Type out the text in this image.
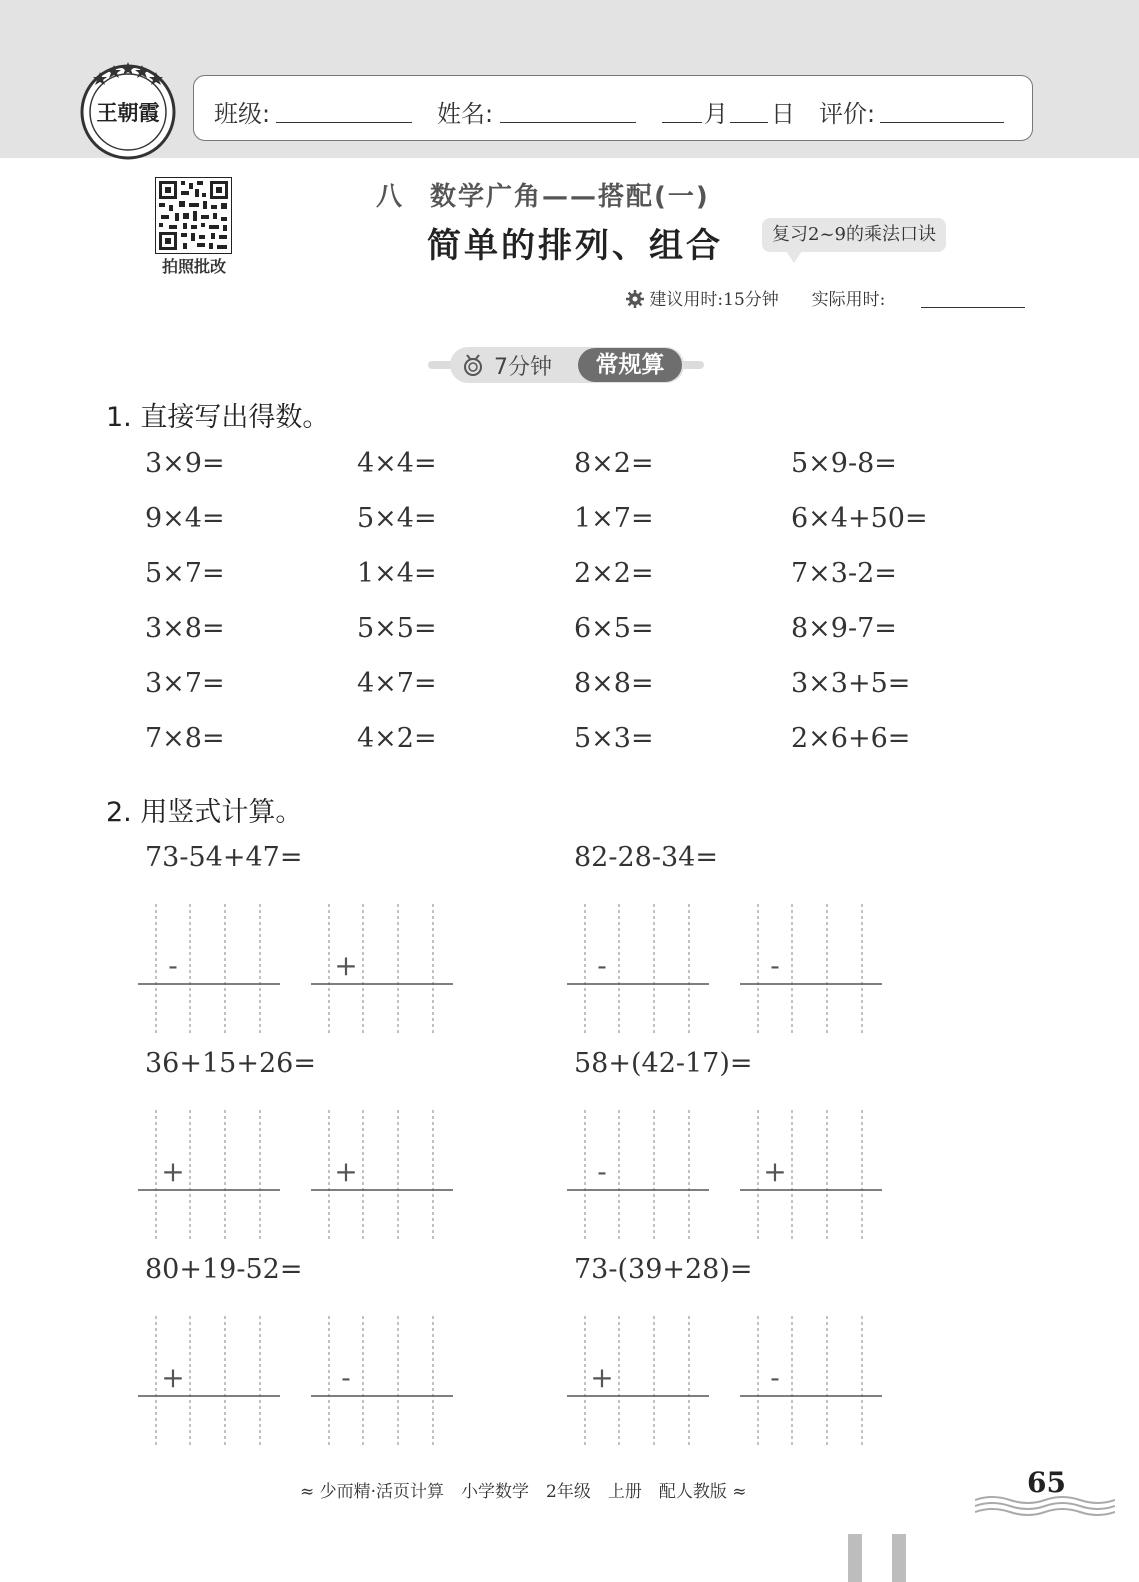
王朝霞 班级:	姓名:	月 日 评价:
拍照批改
八 数学广角——搭配(一)
简单的排列、组合	复习2~9的乘法口诀
建议用时:15分钟 实际用时:
7分钟	常规算
1. 直接写出得数。
3×9=	4×4=	8×2=	5×9-8=
9×4=	5×4=	1×7=	6×4+50=
5×7=	1×4=	2×2=	7×3-2=
3×8=	5×5=	6×5=	8×9-7=
3×7=	4×7=	8×8=	3×3+5=
7×8=	4×2=	5×3=	2×6+6=
2. 用竖式计算。
73-54+47=
-	+
82-28-34=
-	-
36+15+26=
+	+
58+(42-17)=
-	+
80+19-52=
+	-
73-(39+28)=
+	-
≈ 少而精·活页计算　小学数学　2年级　上册　配人教版 ≈	65
